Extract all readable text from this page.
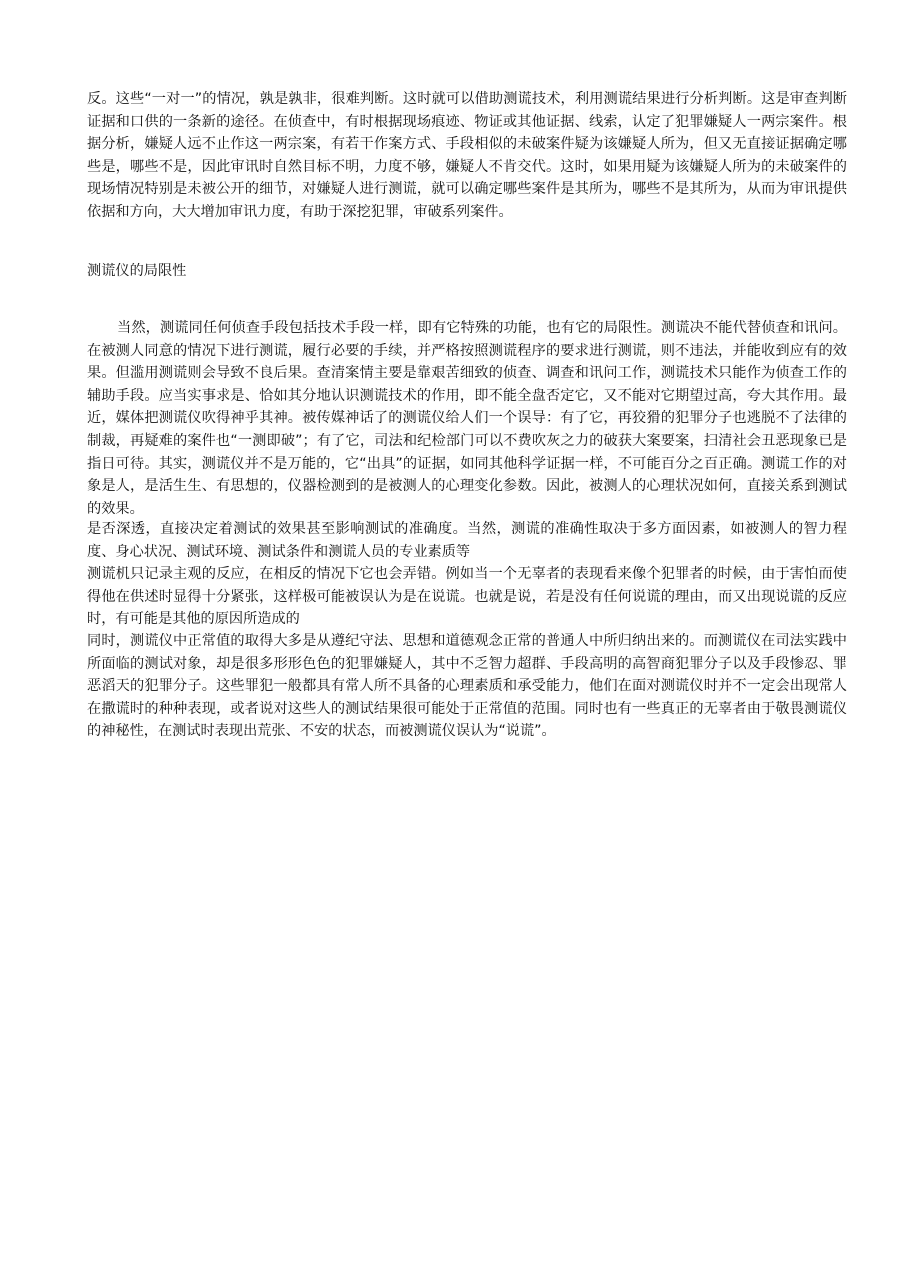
反。这些“一对一”的情况，孰是孰非，很难判断。这时就可以借助测谎技术，利用测谎结果进行分析判断。这是审查判断证据和口供的一条新的途径。在侦查中，有时根据现场痕迹、物证或其他证据、线索，认定了犯罪嫌疑人一两宗案件。根据分析，嫌疑人远不止作这一两宗案，有若干作案方式、手段相似的未破案件疑为该嫌疑人所为，但又无直接证据确定哪些是，哪些不是，因此审讯时自然目标不明，力度不够，嫌疑人不肯交代。这时，如果用疑为该嫌疑人所为的未破案件的现场情况特别是未被公开的细节，对嫌疑人进行测谎，就可以确定哪些案件是其所为，哪些不是其所为，从而为审讯提供依据和方向，大大增加审讯力度，有助于深挖犯罪，审破系列案件。

测谎仪的局限性

当然，测谎同任何侦查手段包括技术手段一样，即有它特殊的功能，也有它的局限性。测谎决不能代替侦查和讯问。在被测人同意的情况下进行测谎，履行必要的手续，并严格按照测谎程序的要求进行测谎，则不违法，并能收到应有的效果。但滥用测谎则会导致不良后果。查清案情主要是靠艰苦细致的侦查、调查和讯问工作，测谎技术只能作为侦查工作的辅助手段。应当实事求是、恰如其分地认识测谎技术的作用，即不能全盘否定它，又不能对它期望过高，夸大其作用。最近，媒体把测谎仪吹得神乎其神。被传媒神话了的测谎仪给人们一个误导：有了它，再狡猾的犯罪分子也逃脱不了法律的制裁，再疑难的案件也“一测即破”；有了它，司法和纪检部门可以不费吹灰之力的破获大案要案，扫清社会丑恶现象已是指日可待。其实，测谎仪并不是万能的，它“出具”的证据，如同其他科学证据一样，不可能百分之百正确。测谎工作的对象是人，是活生生、有思想的，仪器检测到的是被测人的心理变化参数。因此，被测人的心理状况如何，直接关系到测试的效果。

是否深透，直接决定着测试的效果甚至影响测试的准确度。当然，测谎的准确性取决于多方面因素，如被测人的智力程度、身心状况、测试环境、测试条件和测谎人员的专业素质等

测谎机只记录主观的反应，在相反的情况下它也会弄错。例如当一个无辜者的表现看来像个犯罪者的时候，由于害怕而使得他在供述时显得十分紧张，这样极可能被误认为是在说谎。也就是说，若是没有任何说谎的理由，而又出现说谎的反应时，有可能是其他的原因所造成的

同时，测谎仪中正常值的取得大多是从遵纪守法、思想和道德观念正常的普通人中所归纳出来的。而测谎仪在司法实践中所面临的测试对象，却是很多形形色色的犯罪嫌疑人，其中不乏智力超群、手段高明的高智商犯罪分子以及手段惨忍、罪恶滔天的犯罪分子。这些罪犯一般都具有常人所不具备的心理素质和承受能力，他们在面对测谎仪时并不一定会出现常人在撒谎时的种种表现，或者说对这些人的测试结果很可能处于正常值的范围。同时也有一些真正的无辜者由于敬畏测谎仪的神秘性，在测试时表现出荒张、不安的状态，而被测谎仪误认为“说谎”。
